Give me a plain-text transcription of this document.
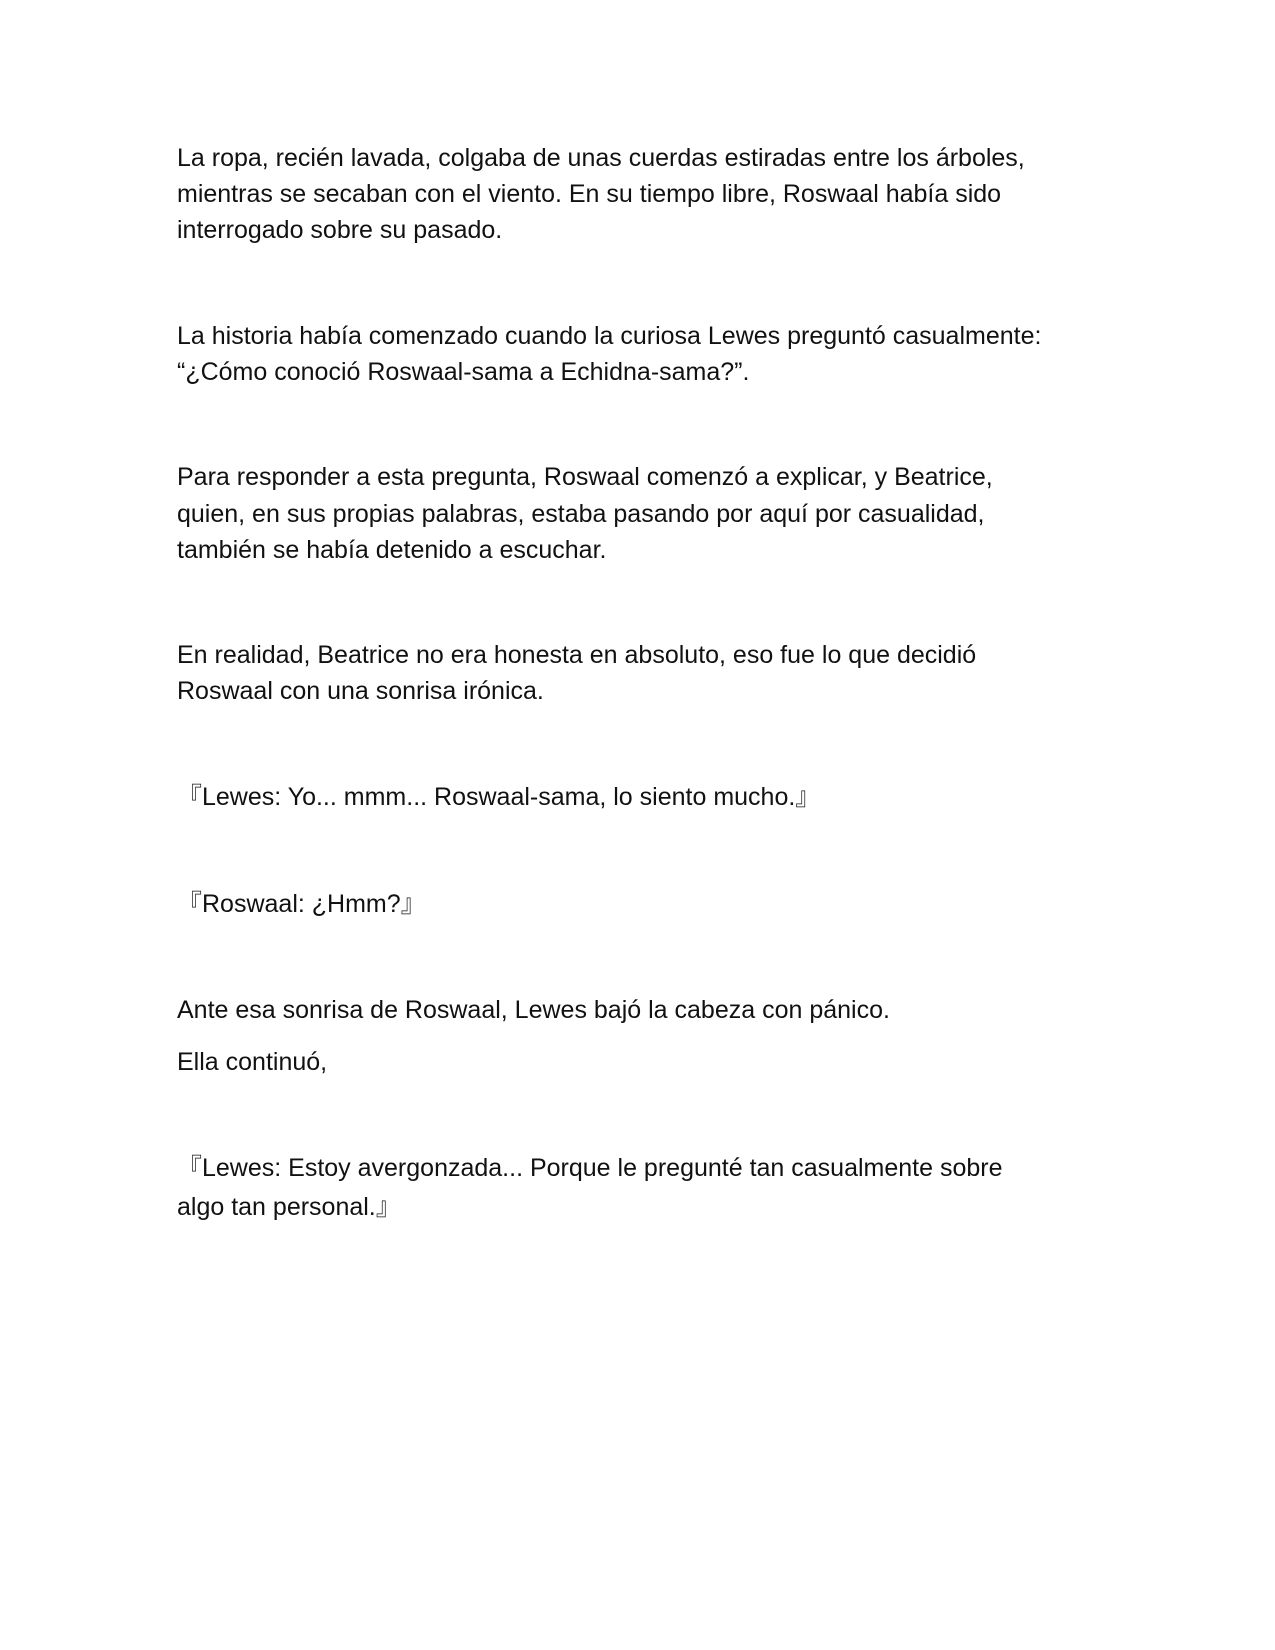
La ropa, recién lavada, colgaba de unas cuerdas estiradas entre los árboles,

mientras se secaban con el viento. En su tiempo libre, Roswaal había sido

interrogado sobre su pasado.

La historia había comenzado cuando la curiosa Lewes preguntó casualmente:

“¿Cómo conoció Roswaal-sama a Echidna-sama?”.

Para responder a esta pregunta, Roswaal comenzó a explicar, y Beatrice,

quien, en sus propias palabras, estaba pasando por aquí por casualidad,

también se había detenido a escuchar.

En realidad, Beatrice no era honesta en absoluto, eso fue lo que decidió

Roswaal con una sonrisa irónica.

『Lewes: Yo... mmm... Roswaal-sama, lo siento mucho.』

『Roswaal: ¿Hmm?』

Ante esa sonrisa de Roswaal, Lewes bajó la cabeza con pánico.

Ella continuó,

『Lewes: Estoy avergonzada... Porque le pregunté tan casualmente sobre

algo tan personal.』
